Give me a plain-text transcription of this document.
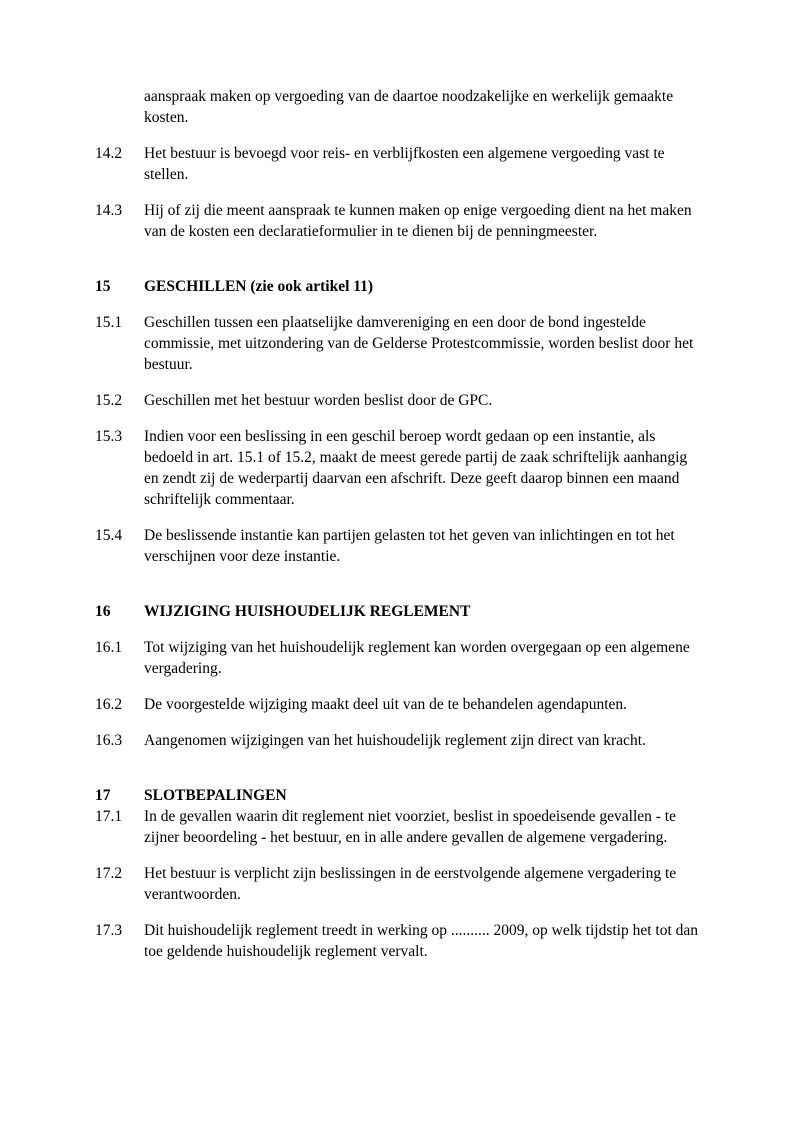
aanspraak maken op vergoeding van de daartoe noodzakelijke en werkelijk gemaakte kosten.
14.2	Het bestuur is bevoegd voor reis- en verblijfkosten een algemene vergoeding vast te stellen.
14.3	Hij of zij die meent aanspraak te kunnen maken op enige vergoeding dient na het maken van de kosten een declaratieformulier in te dienen bij de penningmeester.
15	GESCHILLEN (zie ook artikel 11)
15.1	Geschillen tussen een plaatselijke damvereniging en een door de bond ingestelde commissie, met uitzondering van de Gelderse Protestcommissie, worden beslist door het bestuur.
15.2	Geschillen met het bestuur worden beslist door de GPC.
15.3	Indien voor een beslissing in een geschil beroep wordt gedaan op een instantie, als bedoeld in art. 15.1 of 15.2, maakt de meest gerede partij de zaak schriftelijk aanhangig en zendt zij de wederpartij daarvan een afschrift. Deze geeft daarop binnen een maand schriftelijk commentaar.
15.4	De beslissende instantie kan partijen gelasten tot het geven van inlichtingen en tot het verschijnen voor deze instantie.
16	WIJZIGING HUISHOUDELIJK REGLEMENT
16.1	Tot wijziging van het huishoudelijk reglement kan worden overgegaan op een algemene vergadering.
16.2	De voorgestelde wijziging maakt deel uit van de te behandelen agendapunten.
16.3	Aangenomen wijzigingen van het huishoudelijk reglement zijn direct van kracht.
17	SLOTBEPALINGEN
17.1	In de gevallen waarin dit reglement niet voorziet, beslist in spoedeisende gevallen - te zijner beoordeling - het bestuur, en in alle andere gevallen de algemene vergadering.
17.2	Het bestuur is verplicht zijn beslissingen in de eerstvolgende algemene vergadering te verantwoorden.
17.3	Dit huishoudelijk reglement treedt in werking op .......... 2009, op welk tijdstip het tot dan toe geldende huishoudelijk reglement vervalt.
